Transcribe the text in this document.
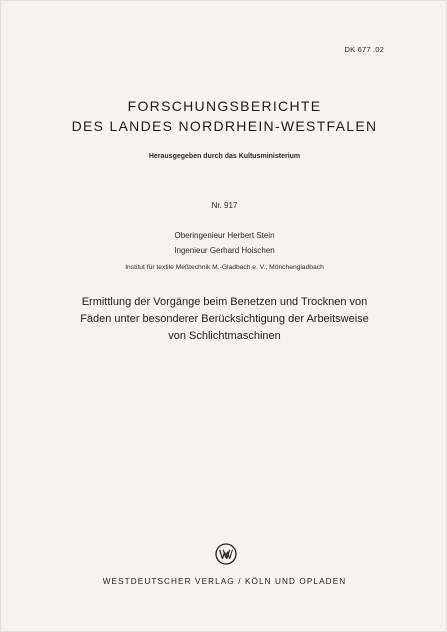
DK 677 .02
FORSCHUNGSBERICHTE
DES LANDES NORDRHEIN-WESTFALEN
Herausgegeben durch das Kultusministerium
Nr. 917
Oberingenieur Herbert Stein
Ingenieur Gerhard Hoischen
Institut für textile Meßtechnik M.-Gladbach e. V., Mönchengladbach
Ermittlung der Vorgänge beim Benetzen und Trocknen von
Fäden unter besonderer Berücksichtigung der Arbeitsweise
von Schlichtmaschinen
WESTDEUTSCHER VERLAG / KÖLN UND OPLADEN
